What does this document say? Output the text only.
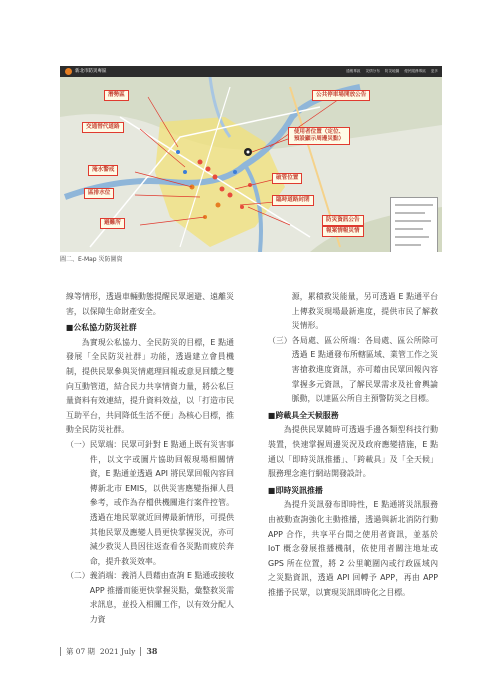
新北市防災專區	通報專區 災情分布 防災地圖 便民服務專區 更多
潛勢區
交通替代道路
淹水警戒
區排水位
避難所
公共停車場開放公告
使用者位置（定位、預設顯示周邊災點）
破管位置
臨時道路封閉
防災資訊公告
報案情報災情
圖二、E-Map 災防圖資

線等情形，透過車輛動態提醒民眾迴避、遠離災害，以保障生命財產安全。

■公私協力防災社群

為實現公私協力、全民防災的目標，E 點通發展「全民防災社群」功能，透過建立會員機制，提供民眾參與災情處理回報或意見回饋之雙向互動管道，結合民力共享情資力量，將公私巨量資料有效連結，提升資料效益，以「打造市民互助平台，共同降低生活不便」為核心目標，推動全民防災社群。

（一） 民眾端：民眾可針對 E 點通上既有災害事件，以文字或圖片協助回報現場相關情資，E 點通並透過 API 將民眾回報內容回傳新北市 EMIS，以供災害應變指揮人員參考，或作為存檔供機關進行案件控管。透過在地民眾就近回傳最新情形，可提供其他民眾及應變人員更快掌握災況，亦可減少救災人員因往返查看各災點而疲於奔命，提升救災效率。
（二） 義消端：義消人員藉由查詢 E 點通或接收 APP 推播而能更快掌握災點，彙整救災需求訊息，並投入相關工作，以有效分配人力資
源，累積救災能量，另可透過 E 點通平台上傳救災現場最新進度，提供市民了解救災情形。
（三） 各局處、區公所端：各局處、區公所除可透過 E 點通發布所轄區域、業管工作之災害搶救進度資訊，亦可藉由民眾回報內容掌握多元資訊，了解民眾需求及社會輿論脈動，以達區公所自主預警防災之目標。

■跨載具全天候服務

為提供民眾隨時可透過手邊各類型科技行動裝置，快速掌握周邊災況及政府應變措施，E 點通以「即時災訊推播」、「跨載具」及「全天候」服務理念進行網站開發設計。

■即時災訊推播

為提升災訊發布即時性，E 點通將災訊服務由被動查詢強化主動推播，透過與新北消防行動 APP 合作，共享平台間之使用者資訊，並基於 IoT 概念發展推播機制，依使用者關注地址或 GPS 所在位置，將 2 公里範圍內或行政區域內之災點資訊，透過 API 回轉予 APP，再由 APP 推播予民眾，以實現災訊即時化之目標。

第 07 期 2021 July 38
